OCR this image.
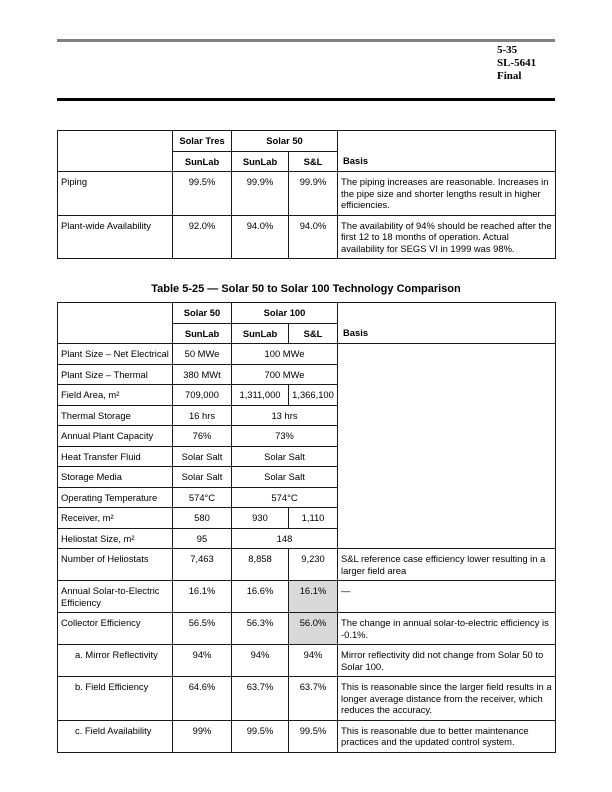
5-35
SL-5641
Final
	Solar Tres	Solar 50		Basis
	SunLab	SunLab	S&L	
Piping	99.5%	99.9%	99.9%	The piping increases are reasonable. Increases in the pipe size and shorter lengths result in higher efficiencies.
Plant-wide Availability	92.0%	94.0%	94.0%	The availability of 94% should be reached after the first 12 to 18 months of operation. Actual availability for SEGS VI in 1999 was 98%.
Table 5-25 — Solar 50 to Solar 100 Technology Comparison
	Solar 50	Solar 100		Basis
	SunLab	SunLab	S&L	
Plant Size – Net Electrical	50 MWe	100 MWe		
Plant Size – Thermal	380 MWt	700 MWe		
Field Area, m²	709,000	1,311,000	1,366,100	
Thermal Storage	16 hrs	13 hrs		
Annual Plant Capacity	76%	73%		
Heat Transfer Fluid	Solar Salt	Solar Salt		
Storage Media	Solar Salt	Solar Salt		
Operating Temperature	574°C	574°C		
Receiver, m²	580	930	1,110	
Heliostat Size, m²	95	148		
Number of Heliostats	7,463	8,858	9,230	S&L reference case efficiency lower resulting in a larger field area
Annual Solar-to-Electric Efficiency	16.1%	16.6%	16.1%	—
Collector Efficiency	56.5%	56.3%	56.0%	The change in annual solar-to-electric efficiency is -0.1%.
a. Mirror Reflectivity	94%	94%	94%	Mirror reflectivity did not change from Solar 50 to Solar 100.
b. Field Efficiency	64.6%	63.7%	63.7%	This is reasonable since the larger field results in a longer average distance from the receiver, which reduces the accuracy.
c. Field Availability	99%	99.5%	99.5%	This is reasonable due to better maintenance practices and the updated control system.
